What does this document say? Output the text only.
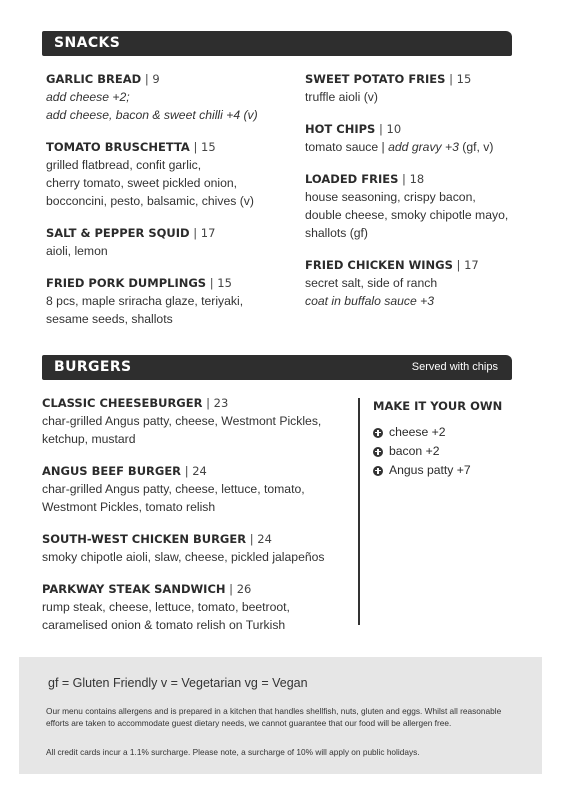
SNACKS
GARLIC BREAD | 9
add cheese +2;
add cheese, bacon & sweet chilli +4 (v)
TOMATO BRUSCHETTA | 15
grilled flatbread, confit garlic,
cherry tomato, sweet pickled onion,
bocconcini, pesto, balsamic, chives (v)
SALT & PEPPER SQUID | 17
aioli, lemon
FRIED PORK DUMPLINGS | 15
8 pcs, maple sriracha glaze, teriyaki,
sesame seeds, shallots
SWEET POTATO FRIES | 15
truffle aioli (v)
HOT CHIPS | 10
tomato sauce | add gravy +3 (gf, v)
LOADED FRIES | 18
house seasoning, crispy bacon,
double cheese, smoky chipotle mayo,
shallots (gf)
FRIED CHICKEN WINGS | 17
secret salt, side of ranch
coat in buffalo sauce +3
BURGERS	Served with chips
CLASSIC CHEESEBURGER | 23
char-grilled Angus patty, cheese, Westmont Pickles,
ketchup, mustard
ANGUS BEEF BURGER | 24
char-grilled Angus patty, cheese, lettuce, tomato,
Westmont Pickles, tomato relish
SOUTH-WEST CHICKEN BURGER | 24
smoky chipotle aioli, slaw, cheese, pickled jalapeños
PARKWAY STEAK SANDWICH | 26
rump steak, cheese, lettuce, tomato, beetroot,
caramelised onion & tomato relish on Turkish
MAKE IT YOUR OWN
cheese +2
bacon +2
Angus patty +7
gf = Gluten Friendly v = Vegetarian vg = Vegan
Our menu contains allergens and is prepared in a kitchen that handles shellfish, nuts, gluten and eggs. Whilst all reasonable efforts are taken to accommodate guest dietary needs, we cannot guarantee that our food will be allergen free.
All credit cards incur a 1.1% surcharge. Please note, a surcharge of 10% will apply on public holidays.
